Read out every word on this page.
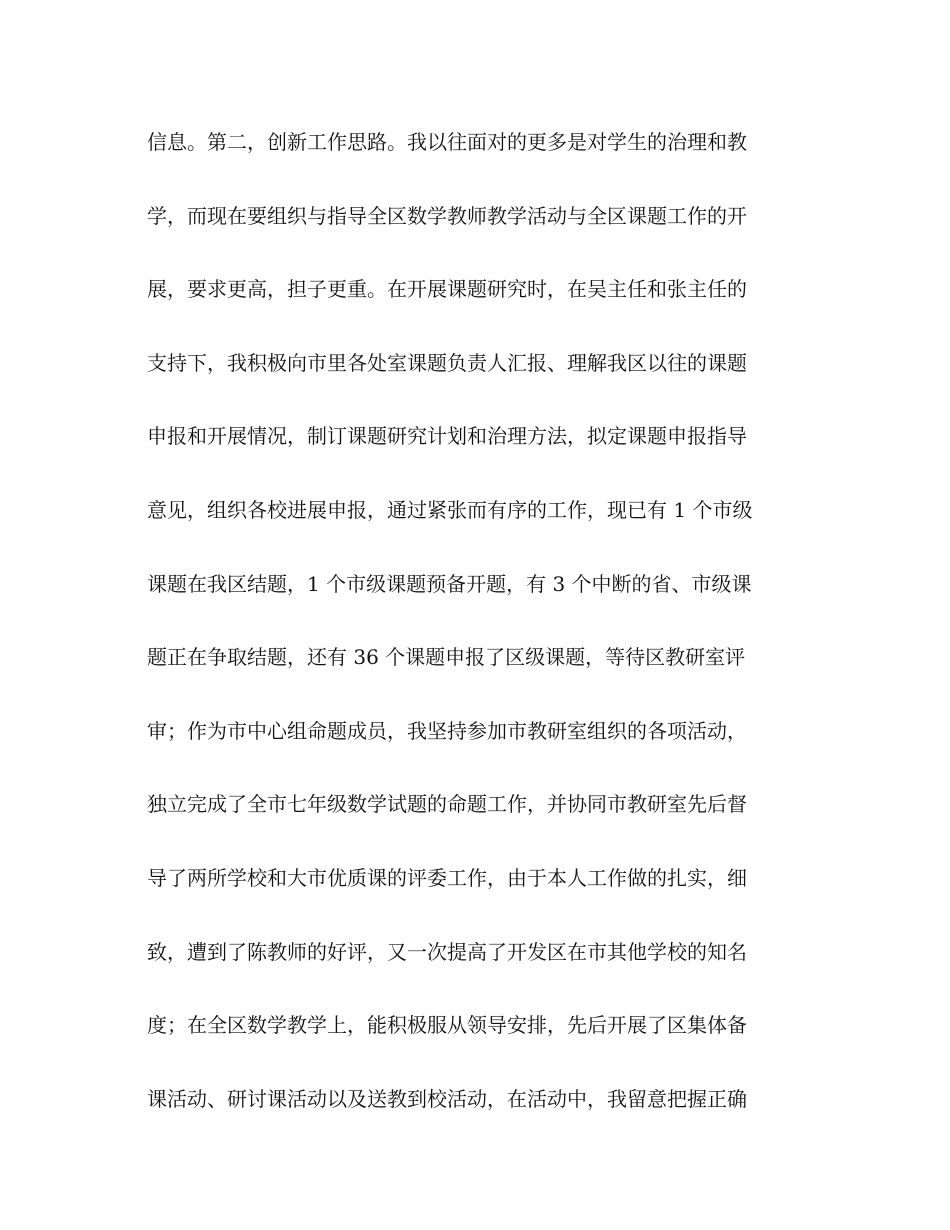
信息。第二，创新工作思路。我以往面对的更多是对学生的治理和教
学，而现在要组织与指导全区数学教师教学活动与全区课题工作的开
展，要求更高，担子更重。在开展课题研究时，在吴主任和张主任的
支持下，我积极向市里各处室课题负责人汇报、理解我区以往的课题
申报和开展情况，制订课题研究计划和治理方法，拟定课题申报指导
意见，组织各校进展申报，通过紧张而有序的工作，现已有 1 个市级
课题在我区结题，1 个市级课题预备开题，有 3 个中断的省、市级课
题正在争取结题，还有 36 个课题申报了区级课题，等待区教研室评
审；作为市中心组命题成员，我坚持参加市教研室组织的各项活动，
独立完成了全市七年级数学试题的命题工作，并协同市教研室先后督
导了两所学校和大市优质课的评委工作，由于本人工作做的扎实，细
致，遭到了陈教师的好评，又一次提高了开发区在市其他学校的知名
度；在全区数学教学上，能积极服从领导安排，先后开展了区集体备
课活动、研讨课活动以及送教到校活动，在活动中，我留意把握正确
